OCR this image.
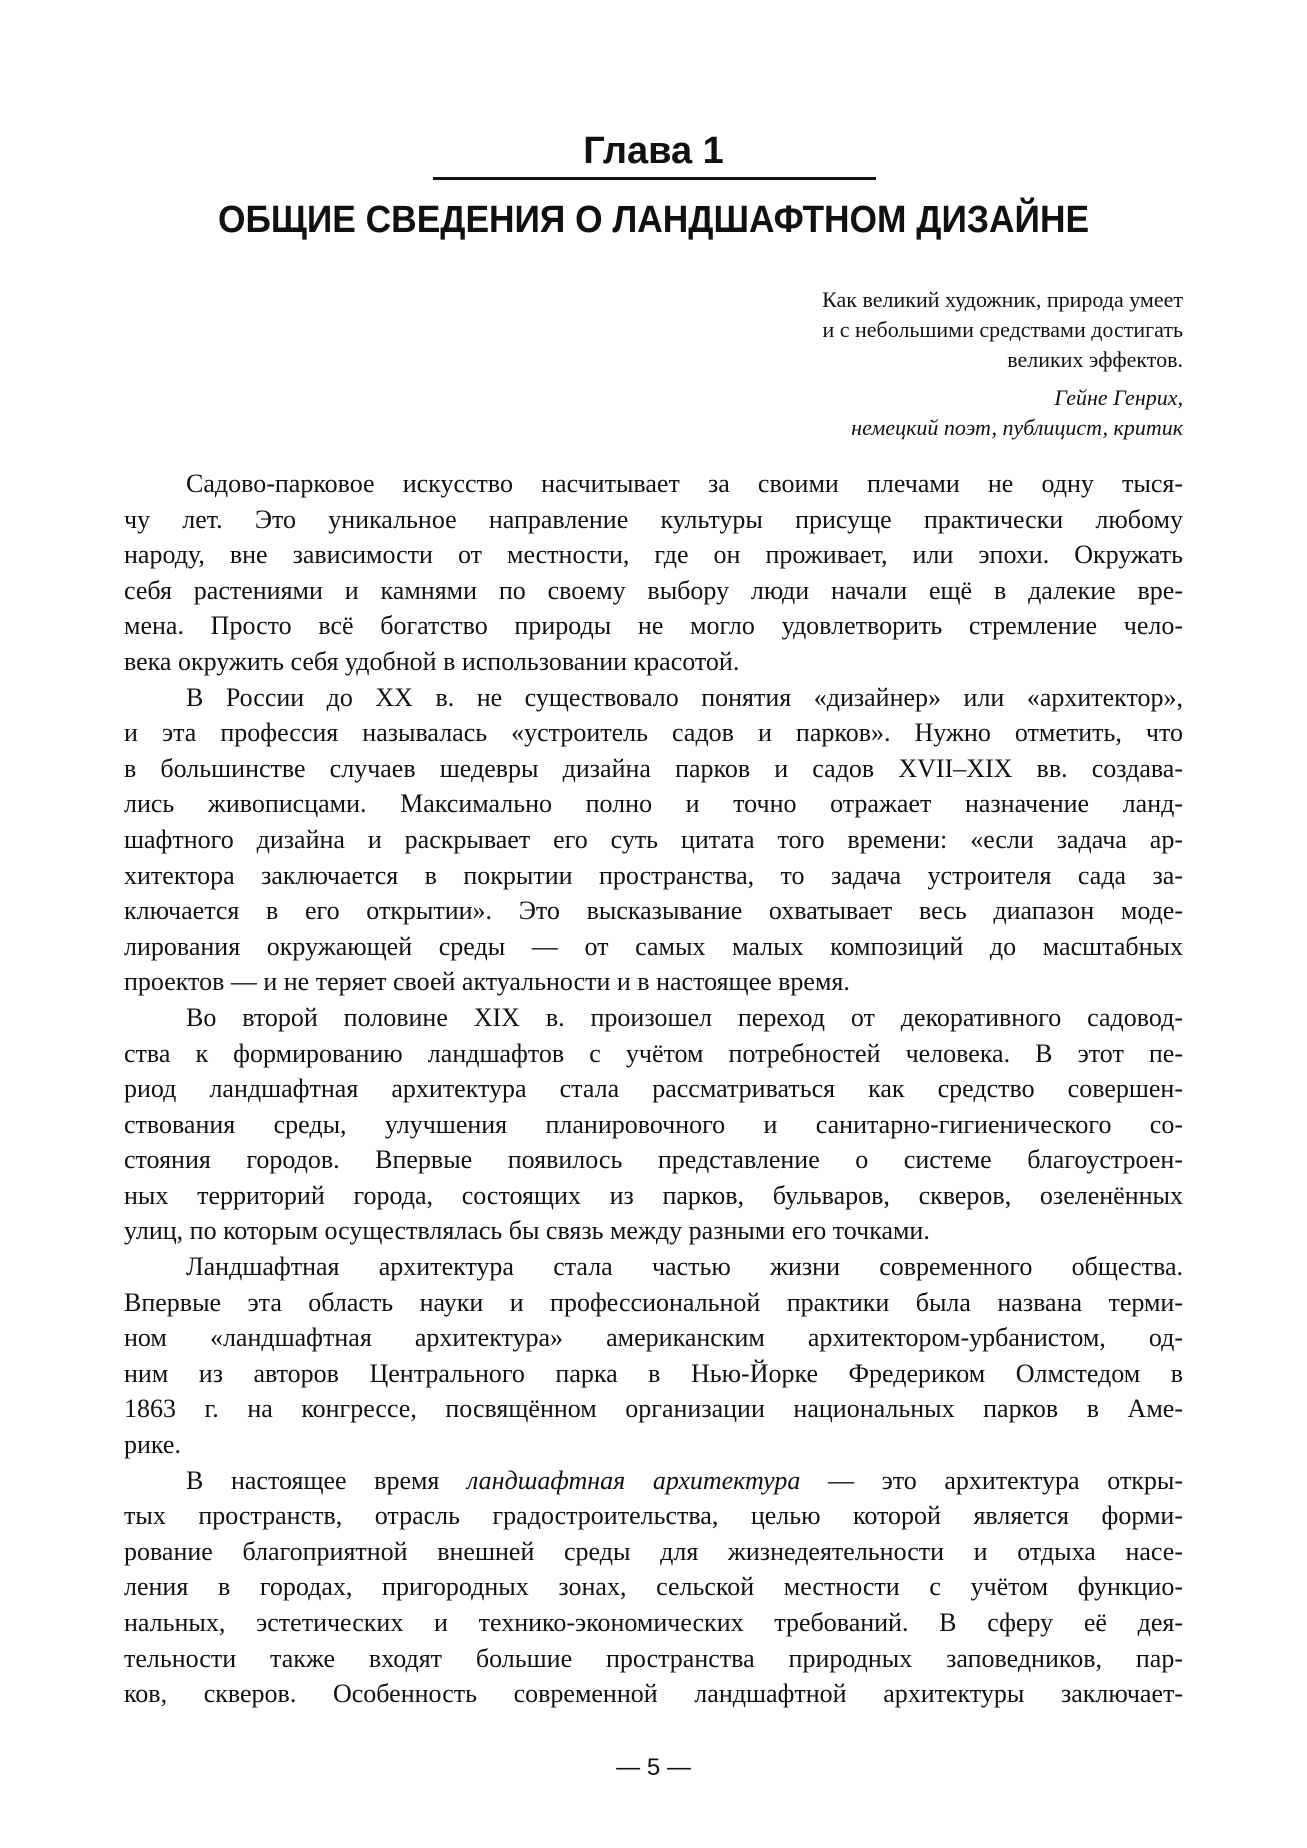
Глава 1
ОБЩИЕ СВЕДЕНИЯ О ЛАНДШАФТНОМ ДИЗАЙНЕ
Как великий художник, природа умеет
и с небольшими средствами достигать
великих эффектов.
Гейне Генрих,
немецкий поэт, публицист, критик
Садово-парковое искусство насчитывает за своими плечами не одну тыся-
чу лет. Это уникальное направление культуры присуще практически любому
народу, вне зависимости от местности, где он проживает, или эпохи. Окружать
себя растениями и камнями по своему выбору люди начали ещё в далекие вре-
мена. Просто всё богатство природы не могло удовлетворить стремление чело-
века окружить себя удобной в использовании красотой.
В России до XX в. не существовало понятия «дизайнер» или «архитектор»,
и эта профессия называлась «устроитель садов и парков». Нужно отметить, что
в большинстве случаев шедевры дизайна парков и садов XVII–XIX вв. создава-
лись живописцами. Максимально полно и точно отражает назначение ланд-
шафтного дизайна и раскрывает его суть цитата того времени: «если задача ар-
хитектора заключается в покрытии пространства, то задача устроителя сада за-
ключается в его открытии». Это высказывание охватывает весь диапазон моде-
лирования окружающей среды — от самых малых композиций до масштабных
проектов — и не теряет своей актуальности и в настоящее время.
Во второй половине XIX в. произошел переход от декоративного садовод-
ства к формированию ландшафтов с учётом потребностей человека. В этот пе-
риод ландшафтная архитектура стала рассматриваться как средство совершен-
ствования среды, улучшения планировочного и санитарно-гигиенического со-
стояния городов. Впервые появилось представление о системе благоустроен-
ных территорий города, состоящих из парков, бульваров, скверов, озеленённых
улиц, по которым осуществлялась бы связь между разными его точками.
Ландшафтная архитектура стала частью жизни современного общества.
Впервые эта область науки и профессиональной практики была названа терми-
ном «ландшафтная архитектура» американским архитектором-урбанистом, од-
ним из авторов Центрального парка в Нью-Йорке Фредериком Олмстедом в
1863 г. на конгрессе, посвящённом организации национальных парков в Аме-
рике.
В настоящее время ландшафтная архитектура — это архитектура откры-
тых пространств, отрасль градостроительства, целью которой является форми-
рование благоприятной внешней среды для жизнедеятельности и отдыха насе-
ления в городах, пригородных зонах, сельской местности с учётом функцио-
нальных, эстетических и технико-экономических требований. В сферу её дея-
тельности также входят большие пространства природных заповедников, пар-
ков, скверов. Особенность современной ландшафтной архитектуры заключает-
— 5 —
